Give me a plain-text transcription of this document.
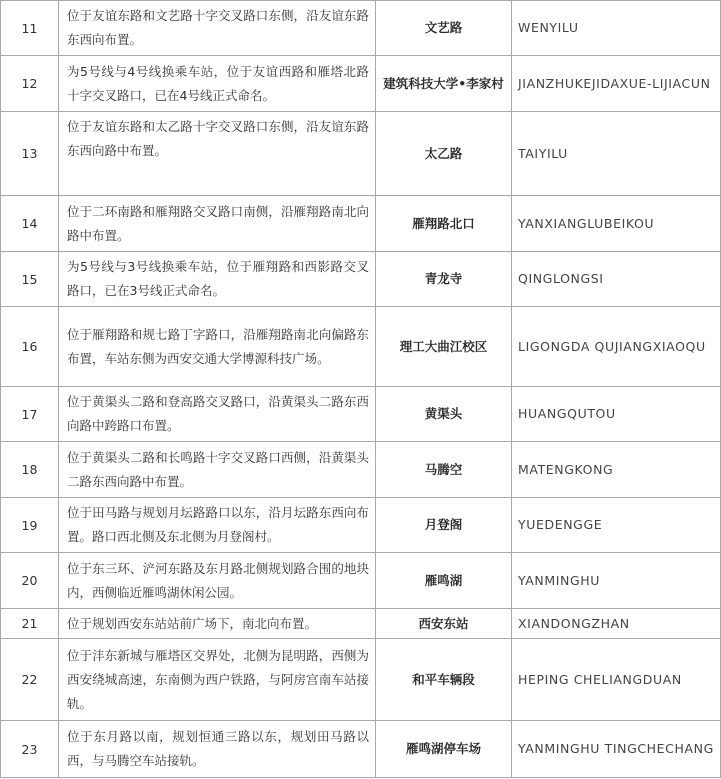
11	位于友谊东路和文艺路十字交叉路口东侧，沿友谊东路东西向布置。	文艺路	WENYILU
12	为5号线与4号线换乘车站，位于友谊西路和雁塔北路十字交叉路口，已在4号线正式命名。	建筑科技大学•李家村	JIANZHUKEJIDAXUE-LIJIACUN
13	位于友谊东路和太乙路十字交叉路口东侧，沿友谊东路东西向路中布置。	太乙路	TAIYILU
14	位于二环南路和雁翔路交叉路口南侧，沿雁翔路南北向路中布置。	雁翔路北口	YANXIANGLUBEIKOU
15	为5号线与3号线换乘车站，位于雁翔路和西影路交叉路口，已在3号线正式命名。	青龙寺	QINGLONGSI
16	位于雁翔路和规七路丁字路口，沿雁翔路南北向偏路东布置，车站东侧为西安交通大学博源科技广场。	理工大曲江校区	LIGONGDA QUJIANGXIAOQU
17	位于黄渠头二路和登高路交叉路口，沿黄渠头二路东西向路中跨路口布置。	黄渠头	HUANGQUTOU
18	位于黄渠头二路和长鸣路十字交叉路口西侧，沿黄渠头二路东西向路中布置。	马腾空	MATENGKONG
19	位于田马路与规划月坛路路口以东，沿月坛路东西向布置。路口西北侧及东北侧为月登阁村。	月登阁	YUEDENGGE
20	位于东三环、浐河东路及东月路北侧规划路合围的地块内，西侧临近雁鸣湖休闲公园。	雁鸣湖	YANMINGHU
21	位于规划西安东站站前广场下，南北向布置。	西安东站	XIANDONGZHAN
22	位于沣东新城与雁塔区交界处，北侧为昆明路，西侧为西安绕城高速，东南侧为西户铁路，与阿房宫南车站接轨。	和平车辆段	HEPING CHELIANGDUAN
23	位于东月路以南，规划恒通三路以东，规划田马路以西，与马腾空车站接轨。	雁鸣湖停车场	YANMINGHU TINGCHECHANG
